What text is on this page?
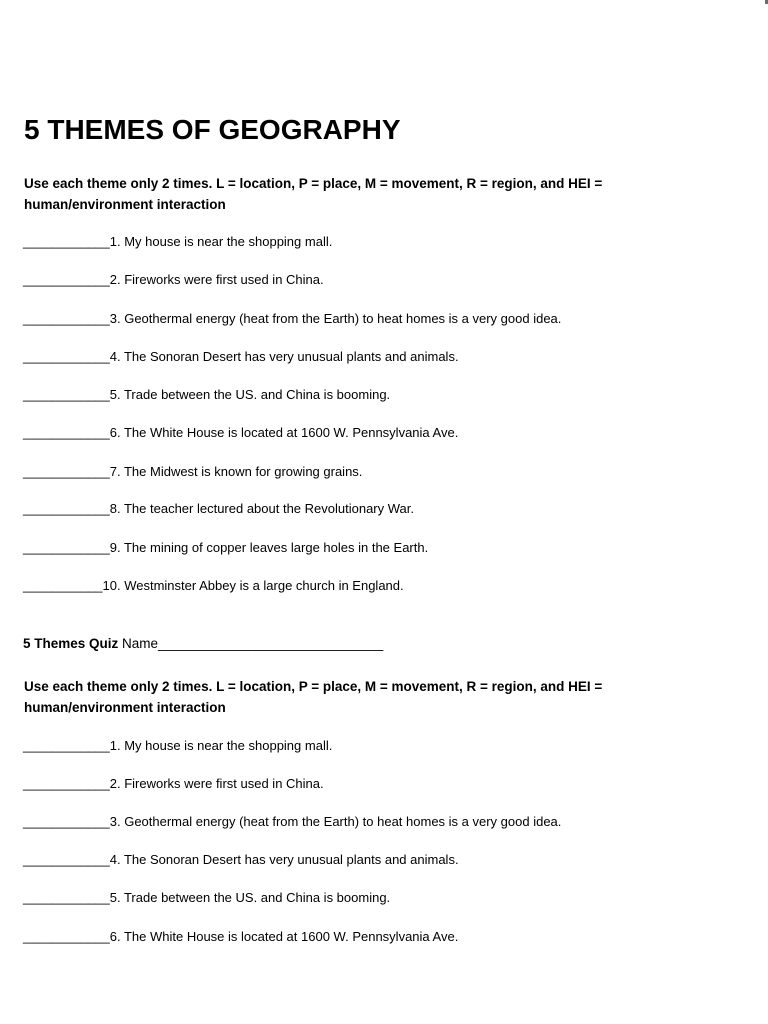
5 THEMES OF GEOGRAPHY
Use each theme only 2 times. L = location, P = place, M = movement, R = region, and HEI = human/environment interaction
____________1. My house is near the shopping mall.
____________2. Fireworks were first used in China.
____________3. Geothermal energy (heat from the Earth) to heat homes is a very good idea.
____________4. The Sonoran Desert has very unusual plants and animals.
____________5. Trade between the US. and China is booming.
____________6. The White House is located at 1600 W. Pennsylvania Ave.
____________7. The Midwest is known for growing grains.
____________8. The teacher lectured about the Revolutionary War.
____________9. The mining of copper leaves large holes in the Earth.
___________10. Westminster Abbey is a large church in England.
5 Themes Quiz Name______________________________
Use each theme only 2 times. L = location, P = place, M = movement, R = region, and HEI = human/environment interaction
____________1. My house is near the shopping mall.
____________2. Fireworks were first used in China.
____________3. Geothermal energy (heat from the Earth) to heat homes is a very good idea.
____________4. The Sonoran Desert has very unusual plants and animals.
____________5. Trade between the US. and China is booming.
____________6. The White House is located at 1600 W. Pennsylvania Ave.
